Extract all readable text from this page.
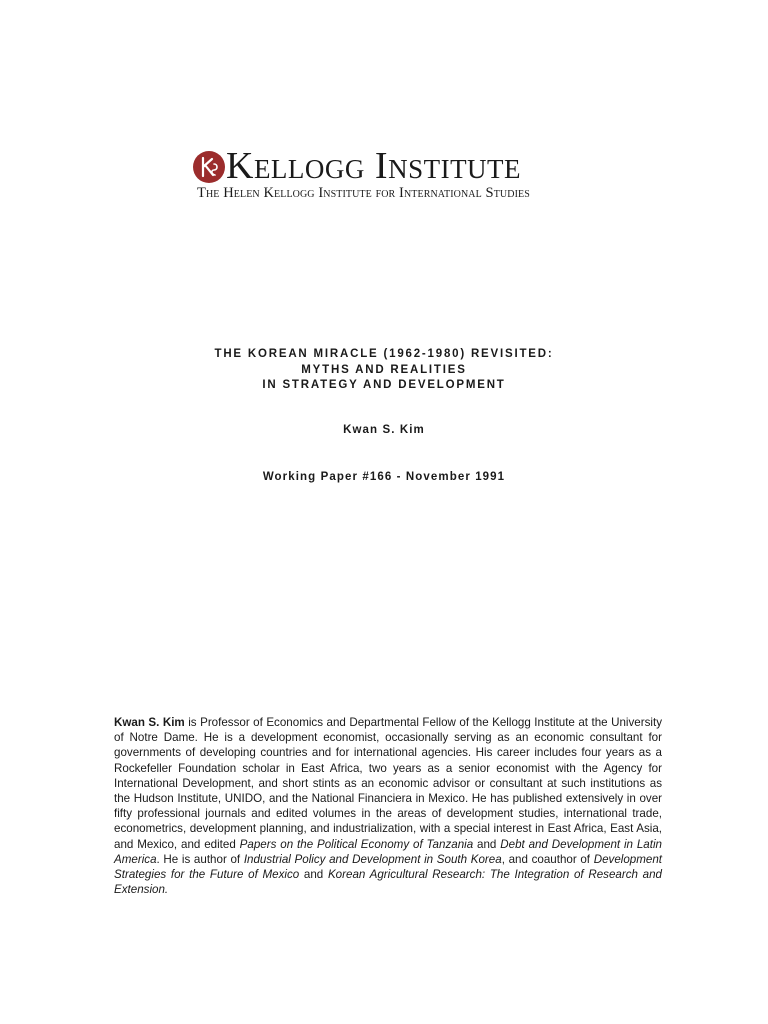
Kellogg Institute
The Helen Kellogg Institute for International Studies
THE KOREAN MIRACLE (1962-1980) REVISITED:
MYTHS AND REALITIES
IN STRATEGY AND DEVELOPMENT
Kwan S. Kim
Working Paper #166 - November 1991
Kwan S. Kim is Professor of Economics and Departmental Fellow of the Kellogg Institute at the University of Notre Dame. He is a development economist, occasionally serving as an economic consultant for governments of developing countries and for international agencies. His career includes four years as a Rockefeller Foundation scholar in East Africa, two years as a senior economist with the Agency for International Development, and short stints as an economic advisor or consultant at such institutions as the Hudson Institute, UNIDO, and the National Financiera in Mexico. He has published extensively in over fifty professional journals and edited volumes in the areas of development studies, international trade, econometrics, development planning, and industrialization, with a special interest in East Africa, East Asia, and Mexico, and edited Papers on the Political Economy of Tanzania and Debt and Development in Latin America. He is author of Industrial Policy and Development in South Korea, and coauthor of Development Strategies for the Future of Mexico and Korean Agricultural Research: The Integration of Research and Extension.
